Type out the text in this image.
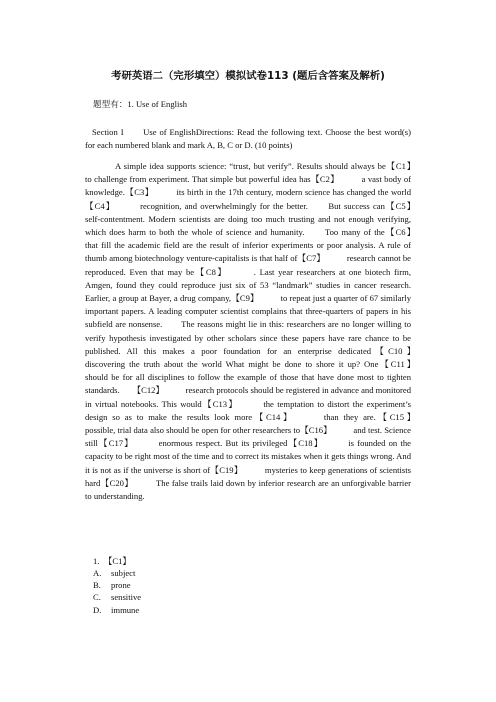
考研英语二（完形填空）模拟试卷113 (题后含答案及解析)
题型有：1. Use of English
Section I　　Use of EnglishDirections: Read the following text. Choose the best word(s) for each numbered blank and mark A, B, C or D. (10 points)
A simple idea supports science: “trust, but verify”. Results should always be【C1】　　　to challenge from experiment. That simple but powerful idea has【C2】　　　a vast body of knowledge.【C3】　　　its birth in the 17th century, modern science has changed the world【C4】　　　recognition, and overwhelmingly for the better.　　But success can【C5】　　　self-contentment. Modern scientists are doing too much trusting and not enough verifying, which does harm to both the whole of science and humanity.　　Too many of the【C6】　　　that fill the academic field are the result of inferior experiments or poor analysis. A rule of thumb among biotechnology venture-capitalists is that half of【C7】　　　research cannot be reproduced. Even that may be【C8】　　　. Last year researchers at one biotech firm, Amgen, found they could reproduce just six of 53 “landmark” studies in cancer research. Earlier, a group at Bayer, a drug company,【C9】　　　to repeat just a quarter of 67 similarly important papers. A leading computer scientist complains that three-quarters of papers in his subfield are nonsense.　　The reasons might lie in this: researchers are no longer willing to verify hypothesis investigated by other scholars since these papers have rare chance to be published. All this makes a poor foundation for an enterprise dedicated【C10】　　　discovering the truth about the world What might be done to shore it up? One【C11】　　　should be for all disciplines to follow the example of those that have done most to tighten standards.　　【C12】　　　research protocols should be registered in advance and monitored in virtual notebooks. This would【C13】　　　the temptation to distort the experiment’s design so as to make the results look more【C14】　　　than they are.【C15】　　　possible, trial data also should be open for other researchers to【C16】　　　and test. Science still【C17】　　　enormous respect. But its privileged【C18】　　　is founded on the capacity to be right most of the time and to correct its mistakes when it gets things wrong. And it is not as if the universe is short of【C19】　　　mysteries to keep generations of scientists hard【C20】　　　The false trails laid down by inferior research are an unforgivable barrier to understanding.
1.　【C1】
A. subject
B. prone
C. sensitive
D. immune
